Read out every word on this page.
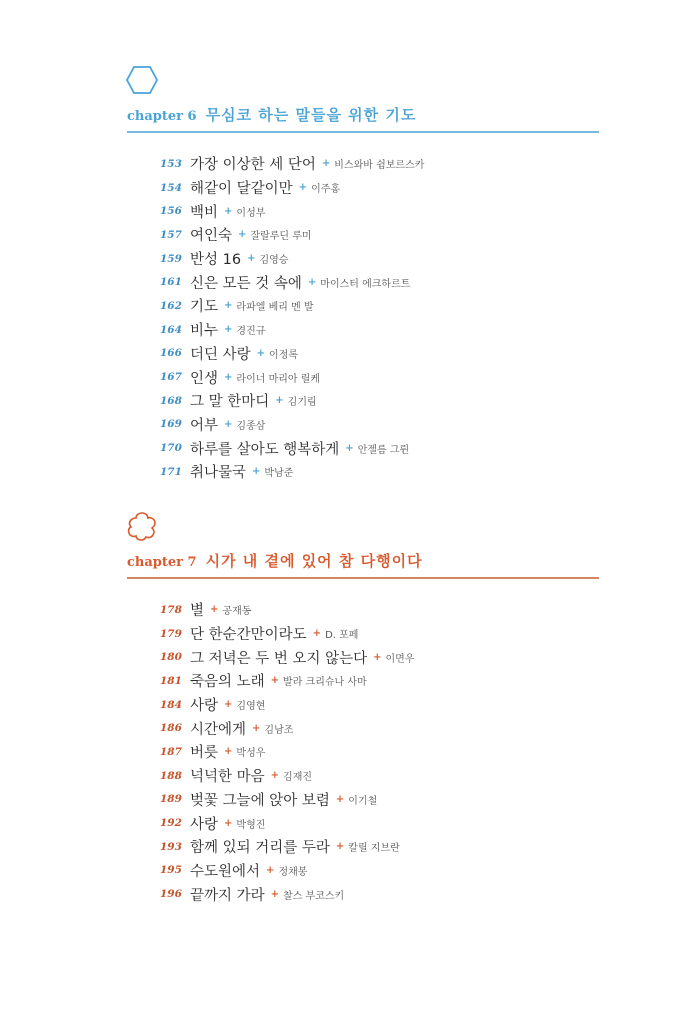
chapter 6 무심코 하는 말들을 위한 기도
153 가장 이상한 세 단어 + 비스와바 쉼보르스카
154 해같이 달같이만 + 이주홍
156 백비 + 이성부
157 여인숙 + 잘랄루딘 루미
159 반성 16 + 김영승
161 신은 모든 것 속에 + 마이스터 에크하르트
162 기도 + 라파엘 베리 멘 발
164 비누 + 경진규
166 더딘 사랑 + 이정록
167 인생 + 라이너 마리아 릴케
168 그 말 한마디 + 김기림
169 어부 + 김종삼
170 하루를 살아도 행복하게 + 안젤름 그륀
171 취나물국 + 박남준
chapter 7 시가 내 곁에 있어 참 다행이다
178 별 + 공재동
179 단 한순간만이라도 + D. 포페
180 그 저녁은 두 번 오지 않는다 + 이면우
181 죽음의 노래 + 발라 크리슈나 사마
184 사랑 + 김영현
186 시간에게 + 김남조
187 버릇 + 박성우
188 넉넉한 마음 + 김재진
189 벚꽃 그늘에 앉아 보렴 + 이기철
192 사랑 + 박형진
193 함께 있되 거리를 두라 + 칼릴 지브란
195 수도원에서 + 정채봉
196 끝까지 가라 + 찰스 부코스키
